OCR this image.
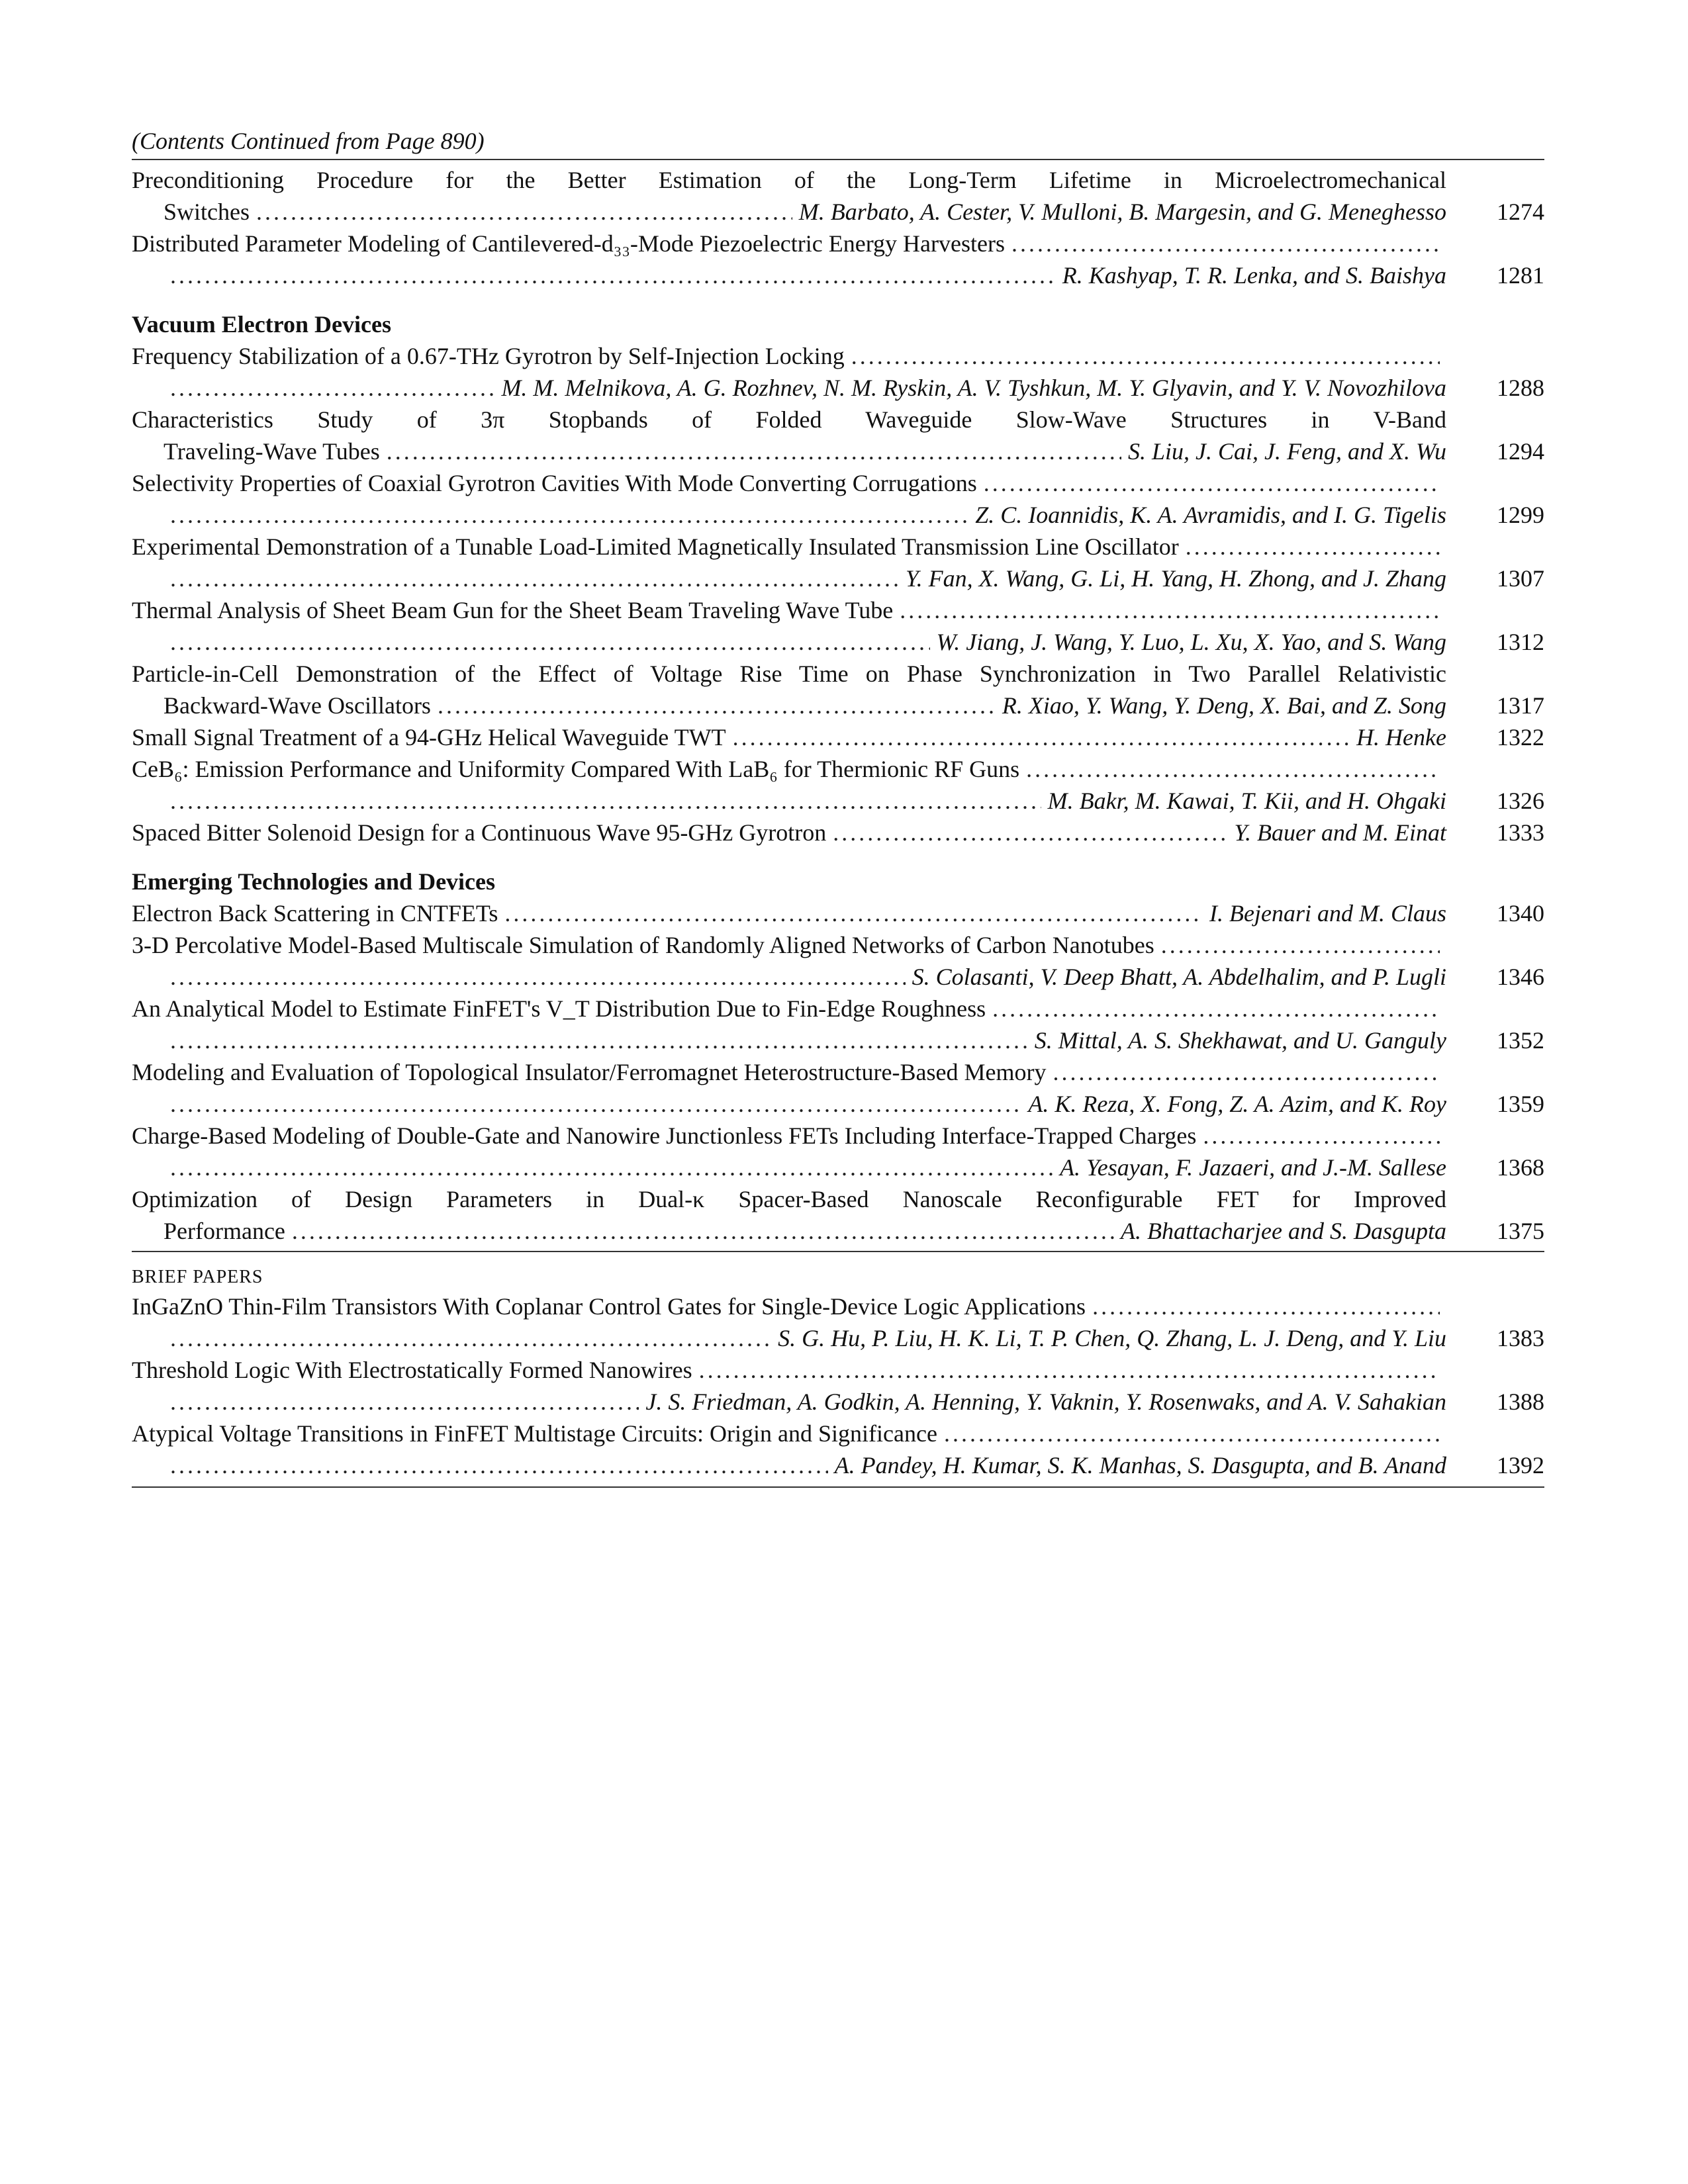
(Contents Continued from Page 890)
Preconditioning Procedure for the Better Estimation of the Long-Term Lifetime in Microelectromechanical
Switches .....	M. Barbato, A. Cester, V. Mulloni, B. Margesin, and G. Meneghesso	1274
Distributed Parameter Modeling of Cantilevered-d₃₃-Mode Piezoelectric Energy Harvesters
.....
.....
R. Kashyap, T. R. Lenka, and S. Baishya	1281
Vacuum Electron Devices
Frequency Stabilization of a 0.67-THz Gyrotron by Self-Injection Locking
.....
.....
M. M. Melnikova, A. G. Rozhnev, N. M. Ryskin, A. V. Tyshkun, M. Y. Glyavin, and Y. V. Novozhilova	1288
Characteristics Study of 3π Stopbands of Folded Waveguide Slow-Wave Structures in V-Band
Traveling-Wave Tubes .....	S. Liu, J. Cai, J. Feng, and X. Wu	1294
Selectivity Properties of Coaxial Gyrotron Cavities With Mode Converting Corrugations
.....
.....
Z. C. Ioannidis, K. A. Avramidis, and I. G. Tigelis	1299
Experimental Demonstration of a Tunable Load-Limited Magnetically Insulated Transmission Line Oscillator
.....
.....
Y. Fan, X. Wang, G. Li, H. Yang, H. Zhong, and J. Zhang	1307
Thermal Analysis of Sheet Beam Gun for the Sheet Beam Traveling Wave Tube
.....
.....
W. Jiang, J. Wang, Y. Luo, L. Xu, X. Yao, and S. Wang	1312
Particle-in-Cell Demonstration of the Effect of Voltage Rise Time on Phase Synchronization in Two Parallel Relativistic
Backward-Wave Oscillators .....	R. Xiao, Y. Wang, Y. Deng, X. Bai, and Z. Song	1317
Small Signal Treatment of a 94-GHz Helical Waveguide TWT .....	H. Henke	1322
CeB₆: Emission Performance and Uniformity Compared With LaB₆ for Thermionic RF Guns
.....
.....
M. Bakr, M. Kawai, T. Kii, and H. Ohgaki	1326
Spaced Bitter Solenoid Design for a Continuous Wave 95-GHz Gyrotron .....	Y. Bauer and M. Einat	1333
Emerging Technologies and Devices
Electron Back Scattering in CNTFETs .....	I. Bejenari and M. Claus	1340
3-D Percolative Model-Based Multiscale Simulation of Randomly Aligned Networks of Carbon Nanotubes
.....
.....
S. Colasanti, V. Deep Bhatt, A. Abdelhalim, and P. Lugli	1346
An Analytical Model to Estimate FinFET's V_T Distribution Due to Fin-Edge Roughness
.....
.....
S. Mittal, A. S. Shekhawat, and U. Ganguly	1352
Modeling and Evaluation of Topological Insulator/Ferromagnet Heterostructure-Based Memory
.....
.....
A. K. Reza, X. Fong, Z. A. Azim, and K. Roy	1359
Charge-Based Modeling of Double-Gate and Nanowire Junctionless FETs Including Interface-Trapped Charges
.....
.....
A. Yesayan, F. Jazaeri, and J.-M. Sallese	1368
Optimization of Design Parameters in Dual-κ Spacer-Based Nanoscale Reconfigurable FET for Improved
Performance .....	A. Bhattacharjee and S. Dasgupta	1375
BRIEF PAPERS
InGaZnO Thin-Film Transistors With Coplanar Control Gates for Single-Device Logic Applications
.....
.....
S. G. Hu, P. Liu, H. K. Li, T. P. Chen, Q. Zhang, L. J. Deng, and Y. Liu	1383
Threshold Logic With Electrostatically Formed Nanowires
.....
.....
J. S. Friedman, A. Godkin, A. Henning, Y. Vaknin, Y. Rosenwaks, and A. V. Sahakian	1388
Atypical Voltage Transitions in FinFET Multistage Circuits: Origin and Significance
.....
.....
A. Pandey, H. Kumar, S. K. Manhas, S. Dasgupta, and B. Anand	1392
